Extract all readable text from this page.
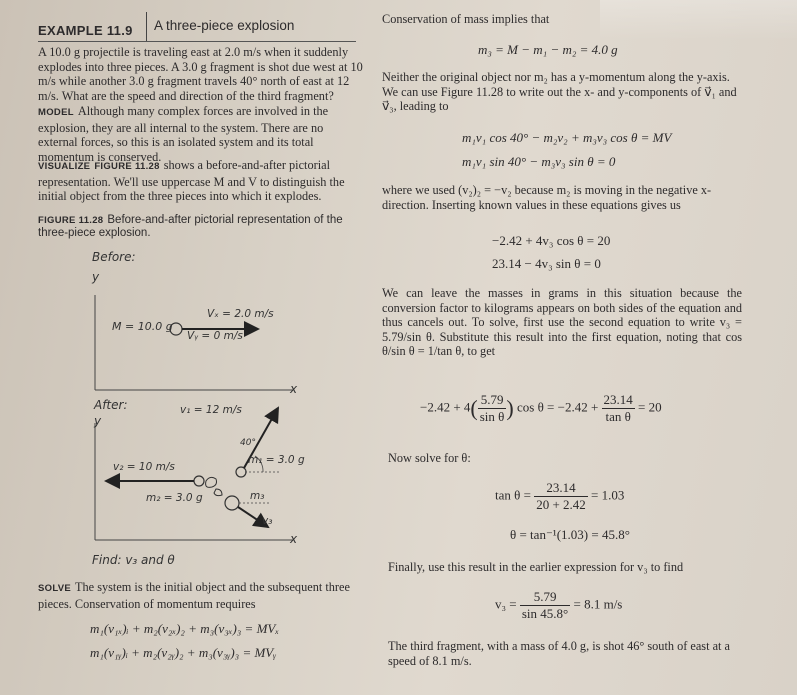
EXAMPLE 11.9 A three-piece explosion
A 10.0 g projectile is traveling east at 2.0 m/s when it suddenly explodes into three pieces. A 3.0 g fragment is shot due west at 10 m/s while another 3.0 g fragment travels 40° north of east at 12 m/s. What are the speed and direction of the third fragment?
MODEL Although many complex forces are involved in the explosion, they are all internal to the system. There are no external forces, so this is an isolated system and its total momentum is conserved.
VISUALIZE FIGURE 11.28 shows a before-and-after pictorial representation. We'll use uppercase M and V to distinguish the initial object from the three pieces into which it explodes.
FIGURE 11.28 Before-and-after pictorial representation of the three-piece explosion.
Before:
y
M = 10.0 g
Vₓ = 2.0 m/s
Vᵧ = 0 m/s
x
After:
y
v₁ = 12 m/s
40°
m₁ = 3.0 g
v₂ = 10 m/s
m₂ = 3.0 g	m₃
v₃
x
Find: v₃ and θ
SOLVE The system is the initial object and the subsequent three pieces. Conservation of momentum requires
m₁(v₁ₓ)ᵢ + m₂(v₂ₓ)₂ + m₃(v₃ₓ)₃ = MVₓ
m₁(v₁ᵧ)ᵢ + m₂(v₂ᵧ)₂ + m₃(v₃ᵧ)₃ = MVᵧ
Conservation of mass implies that
m₃ = M − m₁ − m₂ = 4.0 g
Neither the original object nor m₂ has a y-momentum along the y-axis. We can use Figure 11.28 to write out the x- and y-components of v⃗₁ and v⃗₃, leading to
m₁v₁ cos 40° − m₂v₂ + m₃v₃ cos θ = MV
m₁v₁ sin 40° − m₃v₃ sin θ = 0
where we used (v₂)₂ = −v₂ because m₂ is moving in the negative x-direction. Inserting known values in these equations gives us
−2.42 + 4v₃ cos θ = 20
23.14 − 4v₃ sin θ = 0
We can leave the masses in grams in this situation because the conversion factor to kilograms appears on both sides of the equation and thus cancels out. To solve, first use the second equation to write v₃ = 5.79/sin θ. Substitute this result into the first equation, noting that cos θ/sin θ = 1/tan θ, to get
$-2.42 + 4( \frac{5.79}{\text{sin θ}}$ ) $\cos \theta = -2.42 + \frac{23.14}{\text{tan θ}} = 20$
Now solve for θ:
$\tan \theta = \frac{23.14}{20 + 2.42} = 1.03$
θ = tan⁻¹(1.03) = 45.8°
Finally, use this result in the earlier expression for v₃ to find
$v_3 = \frac{5.79}{\sin 45.8^\circ} = 8.1$ m/s
The third fragment, with a mass of 4.0 g, is shot 46° south of east at a speed of 8.1 m/s.
